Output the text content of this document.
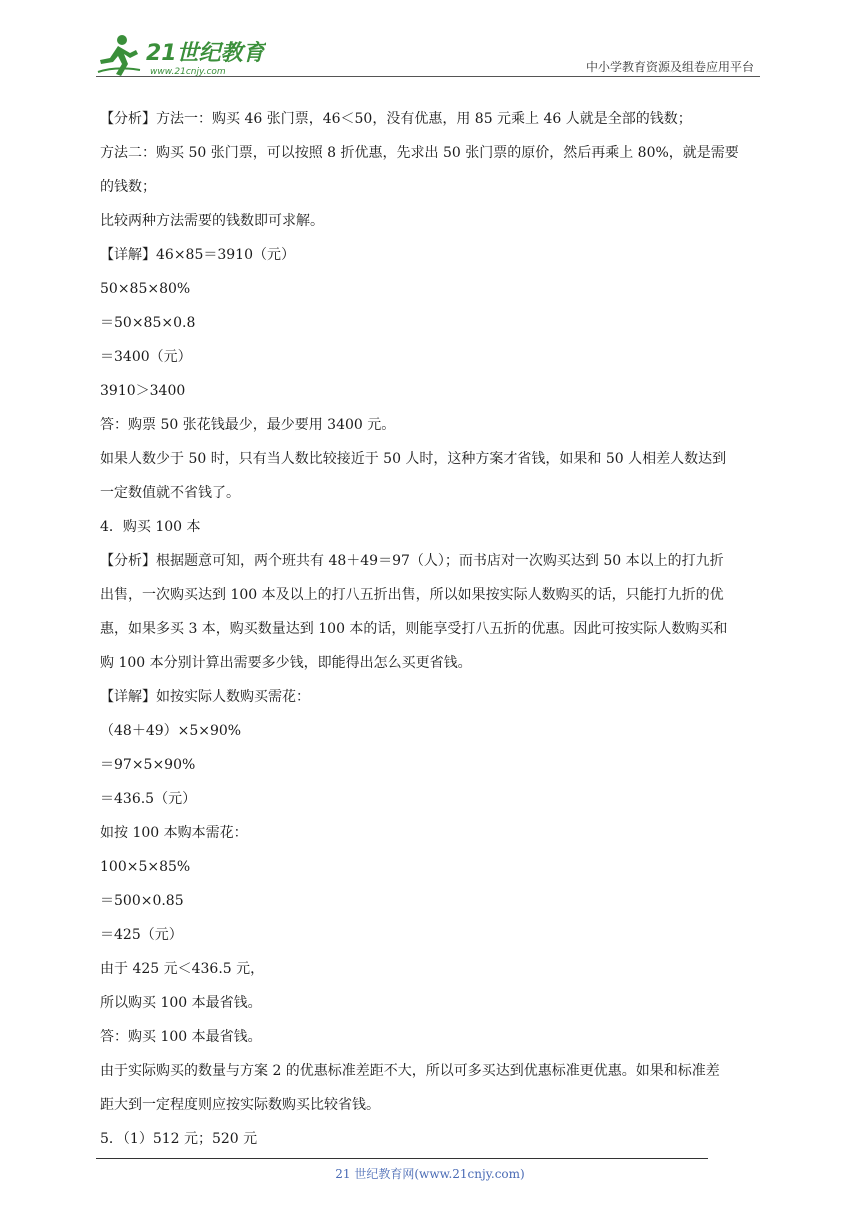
21世纪教育
www.21cnjy.com	中小学教育资源及组卷应用平台
【分析】方法一：购买 46 张门票，46＜50，没有优惠，用 85 元乘上 46 人就是全部的钱数；
方法二：购买 50 张门票，可以按照 8 折优惠，先求出 50 张门票的原价，然后再乘上 80%，就是需要
的钱数；
比较两种方法需要的钱数即可求解。
【详解】46×85＝3910（元）
50×85×80%
＝50×85×0.8
＝3400（元）
3910＞3400
答：购票 50 张花钱最少，最少要用 3400 元。
如果人数少于 50 时，只有当人数比较接近于 50 人时，这种方案才省钱，如果和 50 人相差人数达到
一定数值就不省钱了。
4．购买 100 本
【分析】根据题意可知，两个班共有 48＋49＝97（人）；而书店对一次购买达到 50 本以上的打九折
出售，一次购买达到 100 本及以上的打八五折出售，所以如果按实际人数购买的话，只能打九折的优
惠，如果多买 3 本，购买数量达到 100 本的话，则能享受打八五折的优惠。因此可按实际人数购买和
购 100 本分别计算出需要多少钱，即能得出怎么买更省钱。
【详解】如按实际人数购买需花：
（48＋49）×5×90%
＝97×5×90%
＝436.5（元）
如按 100 本购本需花：
100×5×85%
＝500×0.85
＝425（元）
由于 425 元＜436.5 元，
所以购买 100 本最省钱。
答：购买 100 本最省钱。
由于实际购买的数量与方案 2 的优惠标准差距不大，所以可多买达到优惠标准更优惠。如果和标准差
距大到一定程度则应按实际数购买比较省钱。
5．（1）512 元；520 元
21 世纪教育网(www.21cnjy.com)
